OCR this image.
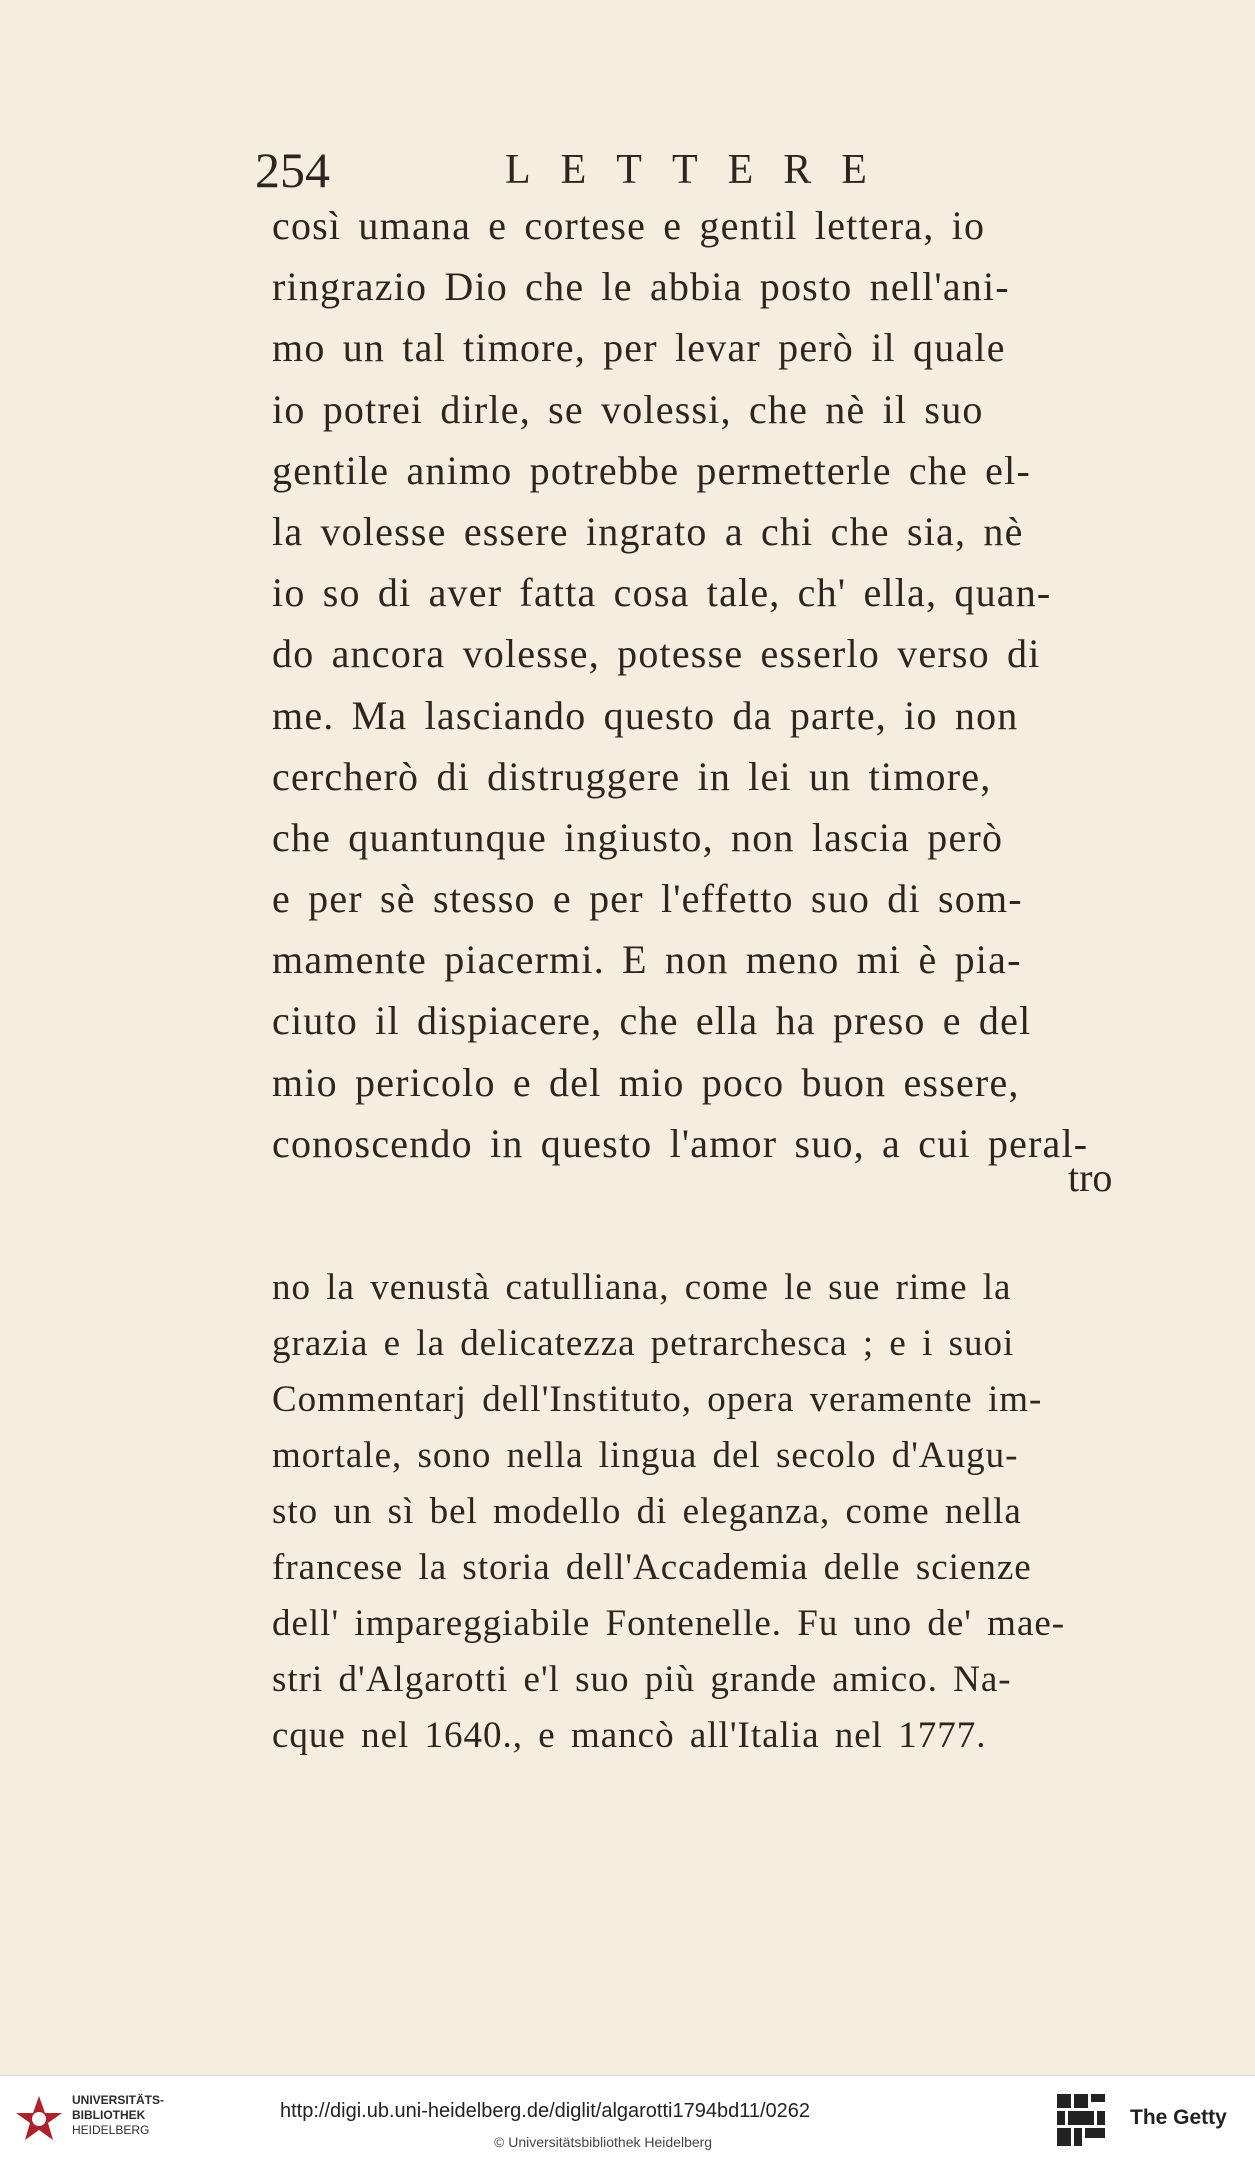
254	LETTERE
così umana e cortese e gentil lettera, io
ringrazio Dio che le abbia posto nell'ani-
mo un tal timore, per levar però il quale
io potrei dirle, se volessi, che nè il suo
gentile animo potrebbe permetterle che el-
la volesse essere ingrato a chi che sia, nè
io so di aver fatta cosa tale, ch' ella, quan-
do ancora volesse, potesse esserlo verso di
me. Ma lasciando questo da parte, io non
cercherò di distruggere in lei un timore,
che quantunque ingiusto, non lascia però
e per sè stesso e per l'effetto suo di som-
mamente piacermi. E non meno mi è pia-
ciuto il dispiacere, che ella ha preso e del
mio pericolo e del mio poco buon essere,
conoscendo in questo l'amor suo, a cui peral-
tro
no la venustà catulliana, come le sue rime la
grazia e la delicatezza petrarchesca ; e i suoi
Commentarj dell'Instituto, opera veramente im-
mortale, sono nella lingua del secolo d'Augu-
sto un sì bel modello di eleganza, come nella
francese la storia dell'Accademia delle scienze
dell' impareggiabile Fontenelle. Fu uno de' mae-
stri d'Algarotti e'l suo più grande amico. Na-
cque nel 1640., e mancò all'Italia nel 1777.
UNIVERSITÄTS-
BIBLIOTHEK
HEIDELBERG
http://digi.ub.uni-heidelberg.de/diglit/algarotti1794bd11/0262
© Universitätsbibliothek Heidelberg
The Getty
